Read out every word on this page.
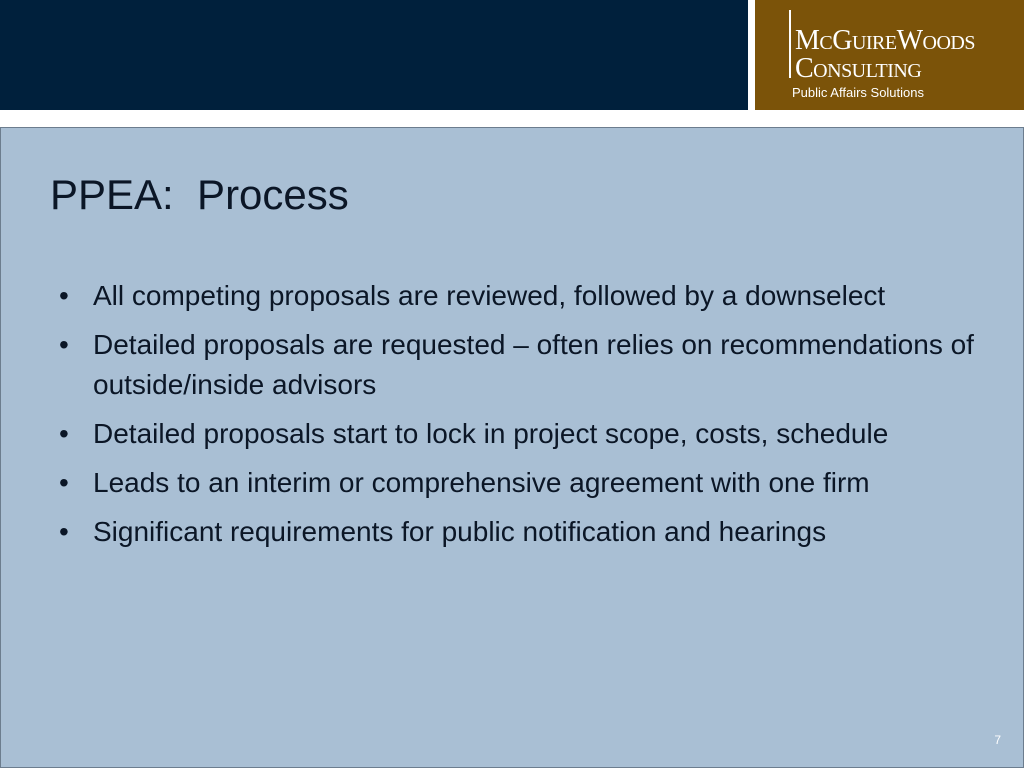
McGuireWoods
Consulting
Public Affairs Solutions
PPEA:  Process
• All competing proposals are reviewed, followed by a downselect
• Detailed proposals are requested – often relies on recommendations of outside/inside advisors
• Detailed proposals start to lock in project scope, costs, schedule
• Leads to an interim or comprehensive agreement with one firm
• Significant requirements for public notification and hearings
7
